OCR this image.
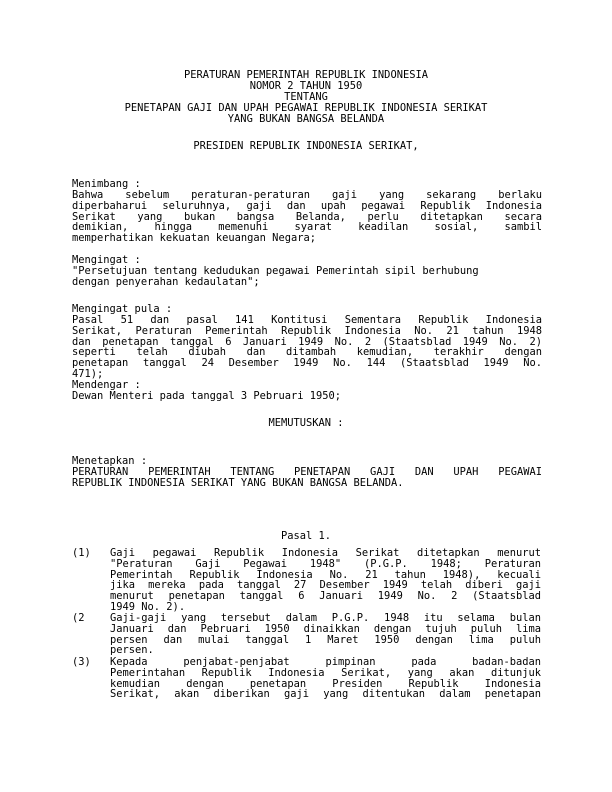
PERATURAN PEMERINTAH REPUBLIK INDONESIA
NOMOR 2 TAHUN 1950
TENTANG
PENETAPAN GAJI DAN UPAH PEGAWAI REPUBLIK INDONESIA SERIKAT
YANG BUKAN BANGSA BELANDA
PRESIDEN REPUBLIK INDONESIA SERIKAT,
Menimbang :
Bahwa sebelum peraturan-peraturan gaji yang sekarang berlaku
diperbaharui seluruhnya, gaji dan upah pegawai Republik Indonesia
Serikat yang bukan bangsa Belanda, perlu ditetapkan secara
demikian, hingga memenuhi syarat keadilan sosial, sambil
memperhatikan kekuatan keuangan Negara;
Mengingat :
"Persetujuan tentang kedudukan pegawai Pemerintah sipil berhubung
dengan penyerahan kedaulatan";
Mengingat pula :
Pasal 51 dan pasal 141 Kontitusi Sementara Republik Indonesia
Serikat, Peraturan Pemerintah Republik Indonesia No. 21 tahun 1948
dan penetapan tanggal 6 Januari 1949 No. 2 (Staatsblad 1949 No. 2)
seperti telah diubah dan ditambah kemudian, terakhir dengan
penetapan tanggal 24 Desember 1949 No. 144 (Staatsblad 1949 No.
471);
Mendengar :
Dewan Menteri pada tanggal 3 Pebruari 1950;
MEMUTUSKAN :
Menetapkan :
PERATURAN PEMERINTAH TENTANG PENETAPAN GAJI DAN UPAH PEGAWAI
REPUBLIK INDONESIA SERIKAT YANG BUKAN BANGSA BELANDA.
Pasal 1.
(1) Gaji pegawai Republik Indonesia Serikat ditetapkan menurut
"Peraturan Gaji Pegawai 1948" (P.G.P. 1948; Peraturan
Pemerintah Republik Indonesia No. 21 tahun 1948), kecuali
jika mereka pada tanggal 27 Desember 1949 telah diberi gaji
menurut penetapan tanggal 6 Januari 1949 No. 2 (Staatsblad
1949 No. 2).
(2 Gaji-gaji yang tersebut dalam P.G.P. 1948 itu selama bulan
Januari dan Pebruari 1950 dinaikkan dengan tujuh puluh lima
persen dan mulai tanggal 1 Maret 1950 dengan lima puluh
persen.
(3) Kepada penjabat-penjabat pimpinan pada badan-badan
Pemerintahan Republik Indonesia Serikat, yang akan ditunjuk
kemudian dengan penetapan Presiden Republik Indonesia
Serikat, akan diberikan gaji yang ditentukan dalam penetapan
